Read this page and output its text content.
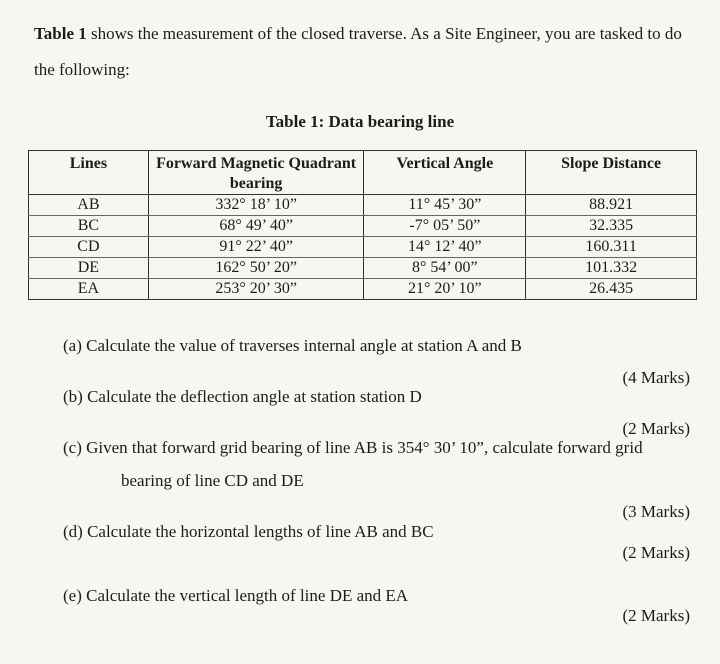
Table 1 shows the measurement of the closed traverse. As a Site Engineer, you are tasked to do the following:
Table 1: Data bearing line
Lines	Forward Magnetic Quadrant bearing	Vertical Angle	Slope Distance
AB	332° 18’ 10”	11° 45’ 30”	88.921
BC	68° 49’ 40”	-7° 05’ 50”	32.335
CD	91° 22’ 40”	14° 12’ 40”	160.311
DE	162° 50’ 20”	8° 54’ 00”	101.332
EA	253° 20’ 30”	21° 20’ 10”	26.435
(a) Calculate the value of traverses internal angle at station A and B
(4 Marks)
(b) Calculate the deflection angle at station station D
(2 Marks)
(c) Given that forward grid bearing of line AB is 354° 30’ 10”, calculate forward grid
bearing of line CD and DE
(3 Marks)
(d) Calculate the horizontal lengths of line AB and BC
(2 Marks)
(e) Calculate the vertical length of line DE and EA
(2 Marks)
